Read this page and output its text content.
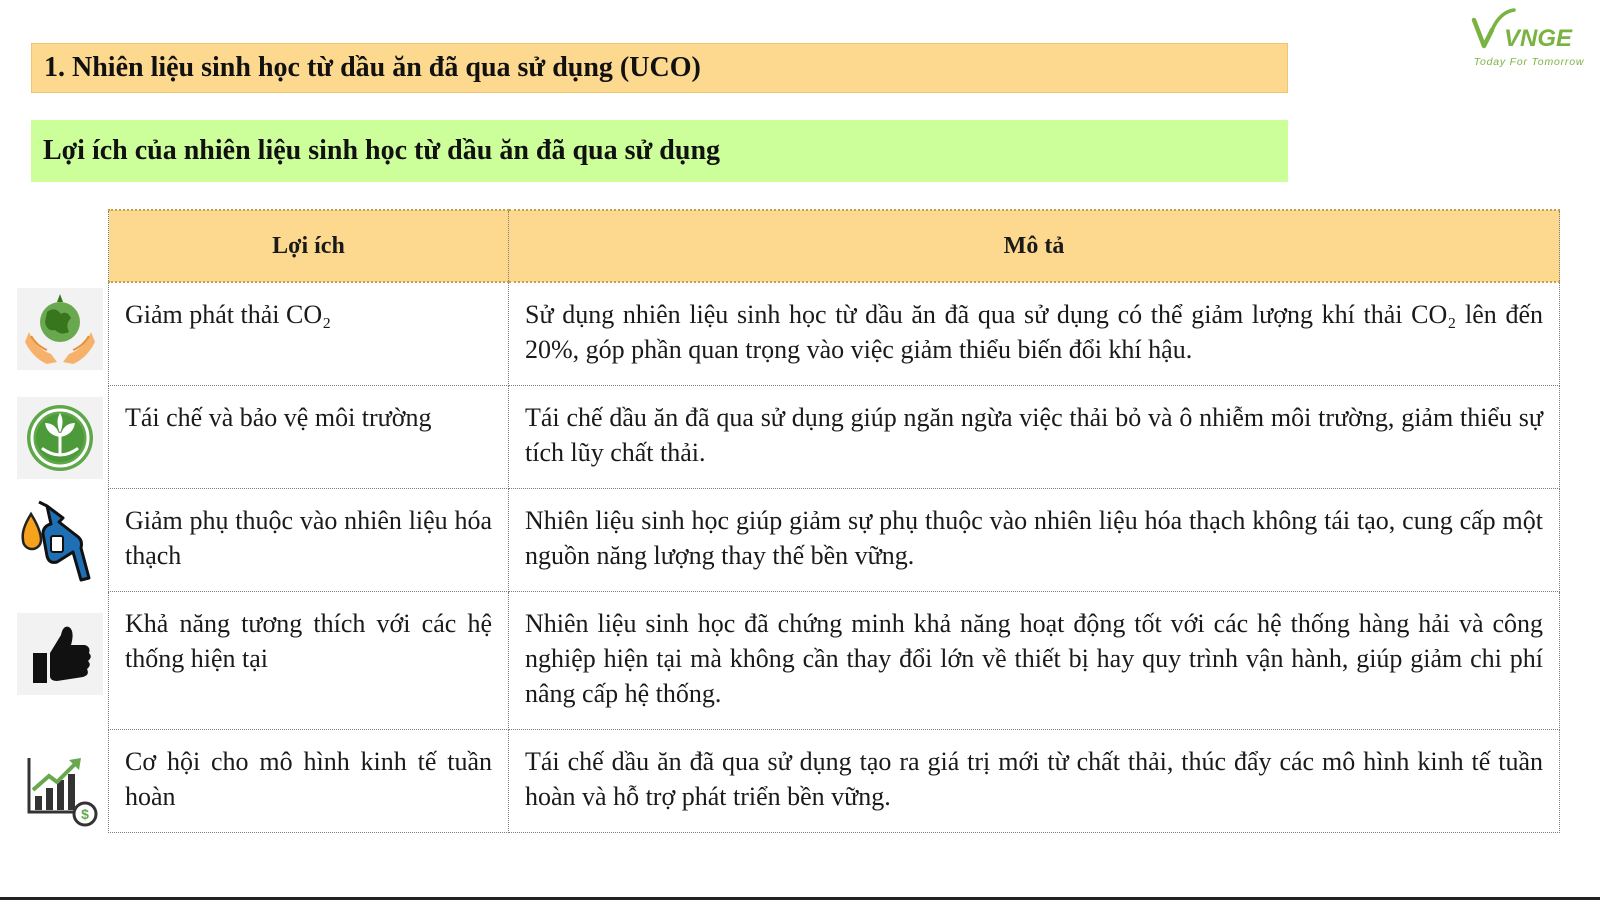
1. Nhiên liệu sinh học từ dầu ăn đã qua sử dụng (UCO)
VNGE
Today For Tomorrow
Lợi ích của nhiên liệu sinh học từ dầu ăn đã qua sử dụng
Lợi ích	Mô tả
Giảm phát thải CO₂	Sử dụng nhiên liệu sinh học từ dầu ăn đã qua sử dụng có thể giảm lượng khí thải CO₂ lên đến 20%, góp phần quan trọng vào việc giảm thiểu biến đổi khí hậu.
Tái chế và bảo vệ môi trường	Tái chế dầu ăn đã qua sử dụng giúp ngăn ngừa việc thải bỏ và ô nhiễm môi trường, giảm thiểu sự tích lũy chất thải.
Giảm phụ thuộc vào nhiên liệu hóa thạch	Nhiên liệu sinh học giúp giảm sự phụ thuộc vào nhiên liệu hóa thạch không tái tạo, cung cấp một nguồn năng lượng thay thế bền vững.
Khả năng tương thích với các hệ thống hiện tại	Nhiên liệu sinh học đã chứng minh khả năng hoạt động tốt với các hệ thống hàng hải và công nghiệp hiện tại mà không cần thay đổi lớn về thiết bị hay quy trình vận hành, giúp giảm chi phí nâng cấp hệ thống.
Cơ hội cho mô hình kinh tế tuần hoàn	Tái chế dầu ăn đã qua sử dụng tạo ra giá trị mới từ chất thải, thúc đẩy các mô hình kinh tế tuần hoàn và hỗ trợ phát triển bền vững.
$
